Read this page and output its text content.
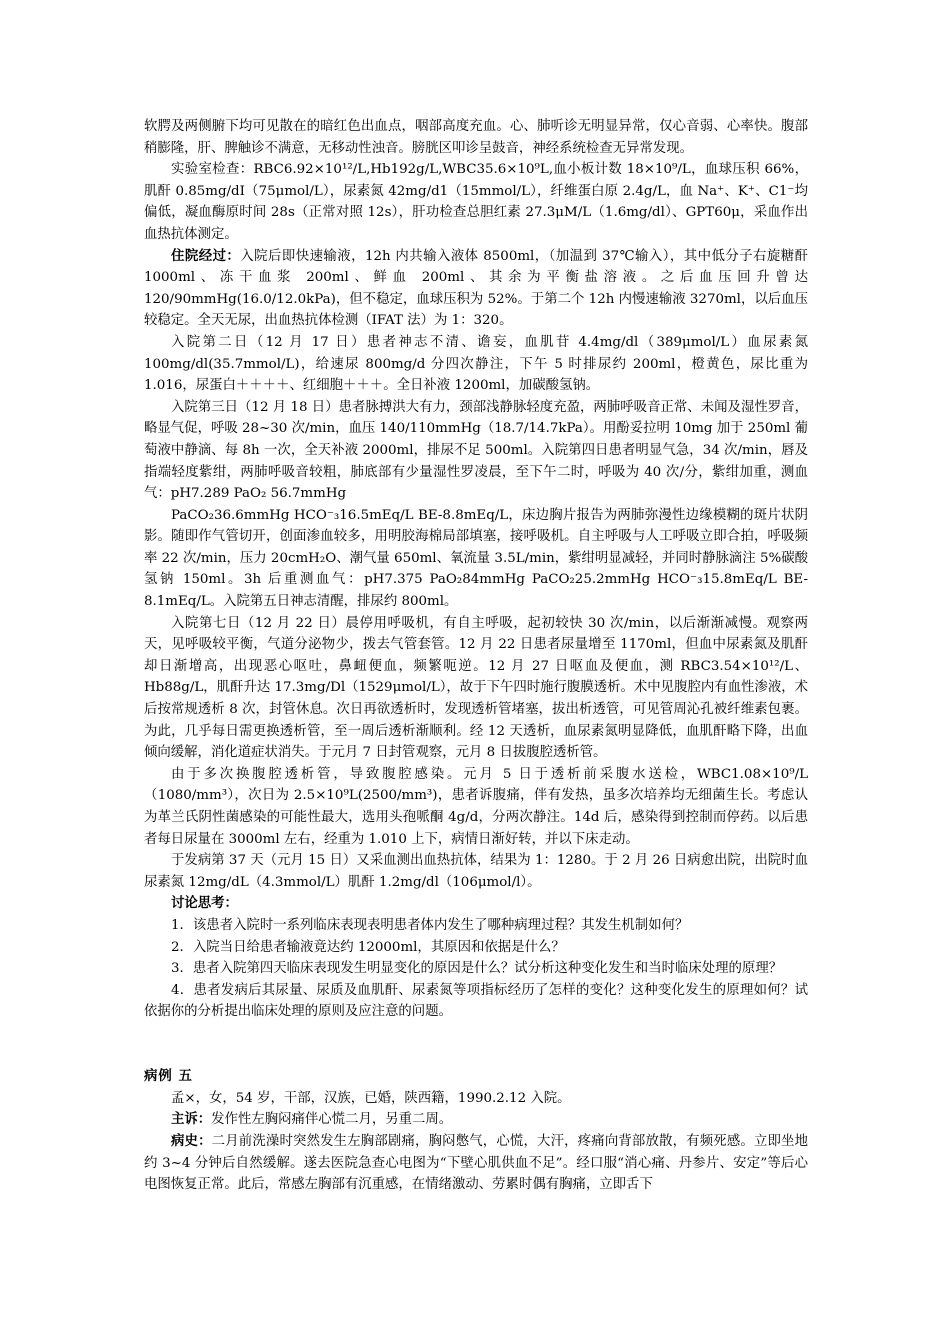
软腭及两侧腑下均可见散在的暗红色出血点，咽部高度充血。心、肺听诊无明显异常，仅心音弱、心率快。腹部稍膨隆，肝、脾触诊不满意，无移动性浊音。膀胱区叩诊呈鼓音，神经系统检查无异常发现。

实验室检查：RBC6.92×10¹²/L,Hb192g/L,WBC35.6×10⁹L,血小板计数 18×10⁹/L，血球压积 66%，肌酐 0.85mg/dI（75μmol/L），尿素氮 42mg/d1（15mmol/L），纤维蛋白原 2.4g/L，血 Na⁺、K⁺、C1⁻均偏低，凝血酶原时间 28s（正常对照 12s），肝功检查总胆红素 27.3μM/L（1.6mg/dl）、GPT60μ，采血作出血热抗体测定。

住院经过：入院后即快速输液，12h 内共输入液体 8500ml，（加温到 37℃输入），其中低分子右旋糖酐 1000ml、冻干血浆 200ml、鲜血 200ml、其余为平衡盐溶液。之后血压回升曾达 120/90mmHg(16.0/12.0kPa)，但不稳定，血球压积为 52%。于第二个 12h 内慢速输液 3270ml，以后血压较稳定。全天无尿，出血热抗体检测（IFAT 法）为 1：320。

入院第二日（12 月 17 日）患者神志不清、谵妄，血肌苷 4.4mg/dl（389μmol/L）血尿素氮 100mg/dl(35.7mmol/L)，给速尿 800mg/d 分四次静注，下午 5 时排尿约 200ml，橙黄色，尿比重为 1.016，尿蛋白＋＋＋＋、红细胞＋＋＋。全日补液 1200ml，加碳酸氢钠。

入院第三日（12 月 18 日）患者脉搏洪大有力，颈部浅静脉轻度充盈，两肺呼吸音正常、未闻及湿性罗音，略显气促，呼吸 28~30 次/min，血压 140/110mmHg（18.7/14.7kPa）。用酚妥拉明 10mg 加于 250ml 葡萄液中静滴、每 8h 一次，全天补液 2000ml，排尿不足 500ml。入院第四日患者明显气急，34 次/min，唇及指端轻度紫绀，两肺呼吸音较粗，肺底部有少量湿性罗凌晨，至下午二时，呼吸为 40 次/分，紫绀加重，测血气：pH7.289 PaO₂ 56.7mmHg

PaCO₂36.6mmHg HCO⁻₃16.5mEq/L BE-8.8mEq/L，床边胸片报告为两肺弥漫性边缘模糊的斑片状阴影。随即作气管切开，创面渗血较多，用明胶海棉局部填塞，接呼吸机。自主呼吸与人工呼吸立即合拍，呼吸频率 22 次/min，压力 20cmH₂O、潮气量 650ml、氧流量 3.5L/min，紫绀明显减轻，并同时静脉滴注 5%碳酸氢钠 150ml。3h 后重测血气：pH7.375 PaO₂84mmHg PaCO₂25.2mmHg HCO⁻₃15.8mEq/L BE-8.1mEq/L。入院第五日神志清醒，排尿约 800ml。

入院第七日（12 月 22 日）晨停用呼吸机，有自主呼吸，起初较快 30 次/min，以后渐渐减慢。观察两天，见呼吸较平衡，气道分泌物少，拨去气管套管。12 月 22 日患者尿量增至 1170ml，但血中尿素氮及肌酐却日渐增高，出现恶心呕吐，鼻衄便血，频繁呃逆。12 月 27 日呕血及便血，测 RBC3.54×10¹²/L、Hb88g/L，肌酐升达 17.3mg/Dl（1529μmol/L），故于下午四时施行腹膜透析。术中见腹腔内有血性渗液，术后按常规透析 8 次，封管休息。次日再欲透析时，发现透析管堵塞，拔出析透管，可见管周沁孔被纤维素包裹。为此，几乎每日需更换透析管，至一周后透析渐顺利。经 12 天透析，血尿素氮明显降低，血肌酐略下降，出血倾向缓解，消化道症状消失。于元月 7 日封管观察，元月 8 日拔腹腔透析管。

由于多次换腹腔透析管，导致腹腔感染。元月 5 日于透析前采腹水送检，WBC1.08×10⁹/L（1080/mm³），次日为 2.5×10⁹L(2500/mm³)，患者诉腹痛，伴有发热，虽多次培养均无细菌生长。考虑认为革兰氏阴性菌感染的可能性最大，选用头孢哌酮 4g/d，分两次静注。14d 后，感染得到控制而停药。以后患者每日尿量在 3000ml 左右，经重为 1.010 上下，病情日渐好转，并以下床走动。

于发病第 37 天（元月 15 日）又采血测出血热抗体，结果为 1：1280。于 2 月 26 日病愈出院，出院时血尿素氮 12mg/dL（4.3mmol/L）肌酐 1.2mg/dl（106μmol/l）。

讨论思考：

1．该患者入院时一系列临床表现表明患者体内发生了哪种病理过程？其发生机制如何？

2．入院当日给患者输液竟达约 12000ml，其原因和依据是什么？

3．患者入院第四天临床表现发生明显变化的原因是什么？试分析这种变化发生和当时临床处理的原理？

4．患者发病后其尿量、尿质及血肌酐、尿素氮等项指标经历了怎样的变化？这种变化发生的原理如何？试依据你的分析提出临床处理的原则及应注意的问题。

病例 五

孟×，女，54 岁，干部，汉族，已婚，陕西籍，1990.2.12 入院。

主诉：发作性左胸闷痛伴心慌二月，另重二周。

病史：二月前洗澡时突然发生左胸部剧痛，胸闷憋气，心慌，大汗，疼痛向背部放散，有频死感。立即坐地约 3~4 分钟后自然缓解。遂去医院急查心电图为“下壁心肌供血不足”。经口服“消心痛、丹参片、安定”等后心电图恢复正常。此后，常感左胸部有沉重感，在情绪激动、劳累时偶有胸痛，立即舌下
